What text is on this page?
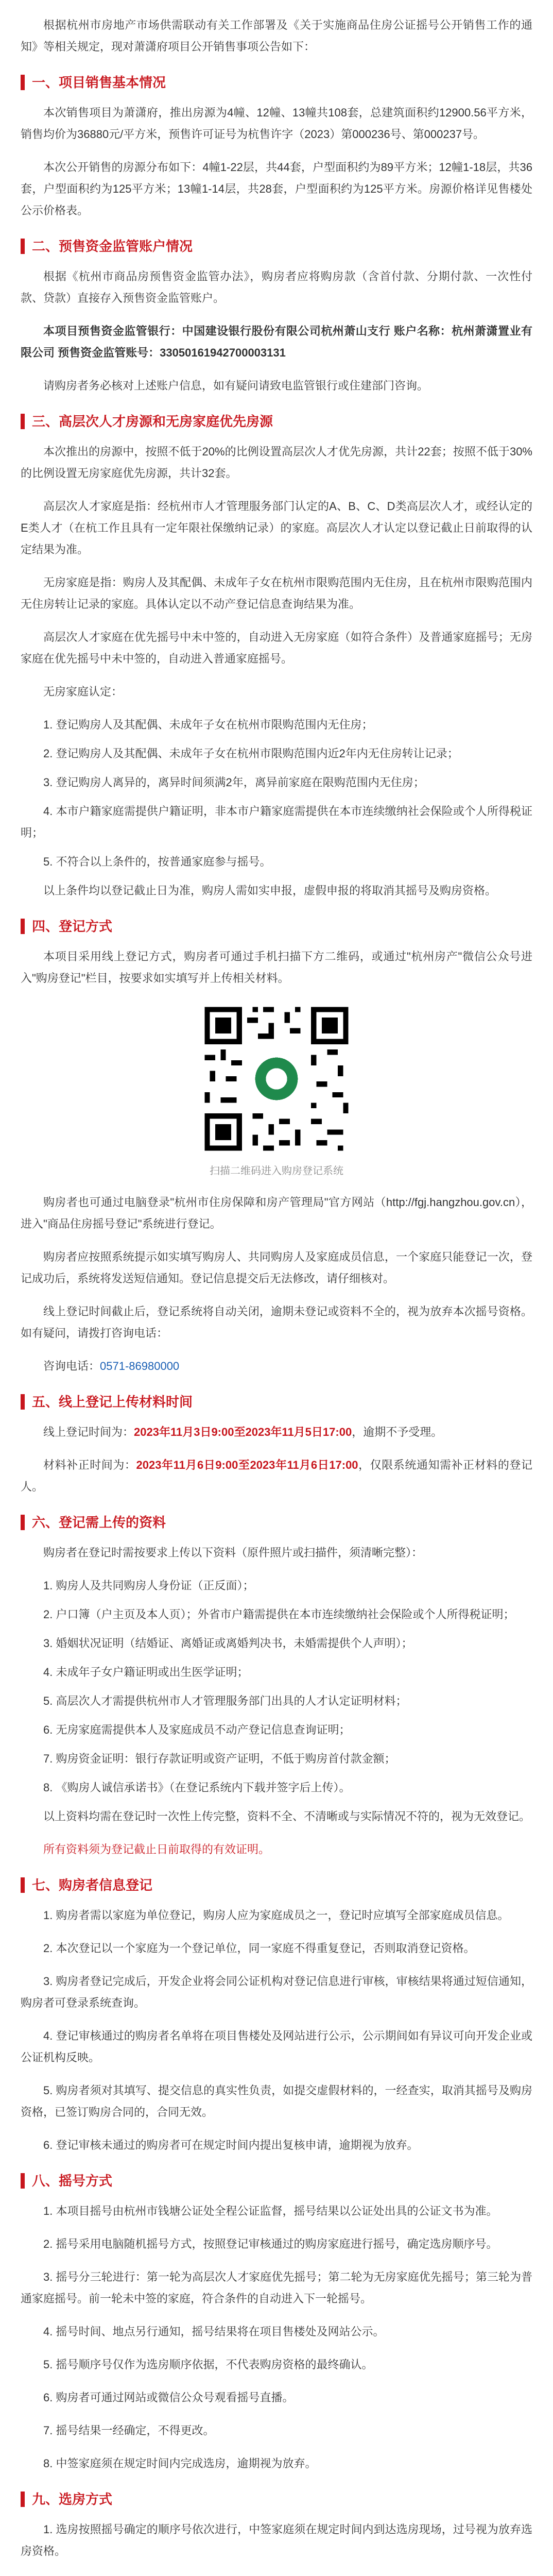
根据杭州市房地产市场供需联动有关工作部署及《关于实施商品住房公证摇号公开销售工作的通知》等相关规定，现对萧潇府项目公开销售事项公告如下：

一、项目销售基本情况

本次销售项目为萧潇府，推出房源为4幢、12幢、13幢共108套，总建筑面积约12900.56平方米，销售均价为36880元/平方米，预售许可证号为杭售许字（2023）第000236号、第000237号。

本次公开销售的房源分布如下：4幢1-22层，共44套，户型面积约为89平方米；12幢1-18层，共36套，户型面积约为125平方米；13幢1-14层，共28套，户型面积约为125平方米。房源价格详见售楼处公示价格表。

二、预售资金监管账户情况

根据《杭州市商品房预售资金监管办法》，购房者应将购房款（含首付款、分期付款、一次性付款、贷款）直接存入预售资金监管账户。

本项目预售资金监管银行：中国建设银行股份有限公司杭州萧山支行 账户名称：杭州萧潇置业有限公司 预售资金监管账号：33050161942700003131

请购房者务必核对上述账户信息，如有疑问请致电监管银行或住建部门咨询。

三、高层次人才房源和无房家庭优先房源

本次推出的房源中，按照不低于20%的比例设置高层次人才优先房源，共计22套；按照不低于30%的比例设置无房家庭优先房源，共计32套。

高层次人才家庭是指：经杭州市人才管理服务部门认定的A、B、C、D类高层次人才，或经认定的E类人才（在杭工作且具有一定年限社保缴纳记录）的家庭。高层次人才认定以登记截止日前取得的认定结果为准。

无房家庭是指：购房人及其配偶、未成年子女在杭州市限购范围内无住房，且在杭州市限购范围内无住房转让记录的家庭。具体认定以不动产登记信息查询结果为准。

高层次人才家庭在优先摇号中未中签的，自动进入无房家庭（如符合条件）及普通家庭摇号；无房家庭在优先摇号中未中签的，自动进入普通家庭摇号。

无房家庭认定：

1. 登记购房人及其配偶、未成年子女在杭州市限购范围内无住房；

2. 登记购房人及其配偶、未成年子女在杭州市限购范围内近2年内无住房转让记录；

3. 登记购房人离异的，离异时间须满2年，离异前家庭在限购范围内无住房；

4. 本市户籍家庭需提供户籍证明，非本市户籍家庭需提供在本市连续缴纳社会保险或个人所得税证明；

5. 不符合以上条件的，按普通家庭参与摇号。

以上条件均以登记截止日为准，购房人需如实申报，虚假申报的将取消其摇号及购房资格。

四、登记方式

本项目采用线上登记方式，购房者可通过手机扫描下方二维码，或通过"杭州房产"微信公众号进入"购房登记"栏目，按要求如实填写并上传相关材料。

扫描二维码进入购房登记系统

购房者也可通过电脑登录"杭州市住房保障和房产管理局"官方网站（http://fgj.hangzhou.gov.cn），进入"商品住房摇号登记"系统进行登记。

购房者应按照系统提示如实填写购房人、共同购房人及家庭成员信息，一个家庭只能登记一次，登记成功后，系统将发送短信通知。登记信息提交后无法修改，请仔细核对。

线上登记时间截止后，登记系统将自动关闭，逾期未登记或资料不全的，视为放弃本次摇号资格。如有疑问，请拨打咨询电话：

咨询电话：0571-86980000

五、线上登记上传材料时间

线上登记时间为：2023年11月3日9:00至2023年11月5日17:00，逾期不予受理。

材料补正时间为：2023年11月6日9:00至2023年11月6日17:00，仅限系统通知需补正材料的登记人。

六、登记需上传的资料

购房者在登记时需按要求上传以下资料（原件照片或扫描件，须清晰完整）：

1. 购房人及共同购房人身份证（正反面）；

2. 户口簿（户主页及本人页）；外省市户籍需提供在本市连续缴纳社会保险或个人所得税证明；

3. 婚姻状况证明（结婚证、离婚证或离婚判决书，未婚需提供个人声明）；

4. 未成年子女户籍证明或出生医学证明；

5. 高层次人才需提供杭州市人才管理服务部门出具的人才认定证明材料；

6. 无房家庭需提供本人及家庭成员不动产登记信息查询证明；

7. 购房资金证明：银行存款证明或资产证明，不低于购房首付款金额；

8. 《购房人诚信承诺书》（在登记系统内下载并签字后上传）。

以上资料均需在登记时一次性上传完整，资料不全、不清晰或与实际情况不符的，视为无效登记。

所有资料须为登记截止日前取得的有效证明。

七、购房者信息登记

1. 购房者需以家庭为单位登记，购房人应为家庭成员之一，登记时应填写全部家庭成员信息。

2. 本次登记以一个家庭为一个登记单位，同一家庭不得重复登记，否则取消登记资格。

3. 购房者登记完成后，开发企业将会同公证机构对登记信息进行审核，审核结果将通过短信通知，购房者可登录系统查询。

4. 登记审核通过的购房者名单将在项目售楼处及网站进行公示，公示期间如有异议可向开发企业或公证机构反映。

5. 购房者须对其填写、提交信息的真实性负责，如提交虚假材料的，一经查实，取消其摇号及购房资格，已签订购房合同的，合同无效。

6. 登记审核未通过的购房者可在规定时间内提出复核申请，逾期视为放弃。

八、摇号方式

1. 本项目摇号由杭州市钱塘公证处全程公证监督，摇号结果以公证处出具的公证文书为准。

2. 摇号采用电脑随机摇号方式，按照登记审核通过的购房家庭进行摇号，确定选房顺序号。

3. 摇号分三轮进行：第一轮为高层次人才家庭优先摇号；第二轮为无房家庭优先摇号；第三轮为普通家庭摇号。前一轮未中签的家庭，符合条件的自动进入下一轮摇号。

4. 摇号时间、地点另行通知，摇号结果将在项目售楼处及网站公示。

5. 摇号顺序号仅作为选房顺序依据，不代表购房资格的最终确认。

6. 购房者可通过网站或微信公众号观看摇号直播。

7. 摇号结果一经确定，不得更改。

8. 中签家庭须在规定时间内完成选房，逾期视为放弃。

九、选房方式

1. 选房按照摇号确定的顺序号依次进行，中签家庭须在规定时间内到达选房现场，过号视为放弃选房资格。
